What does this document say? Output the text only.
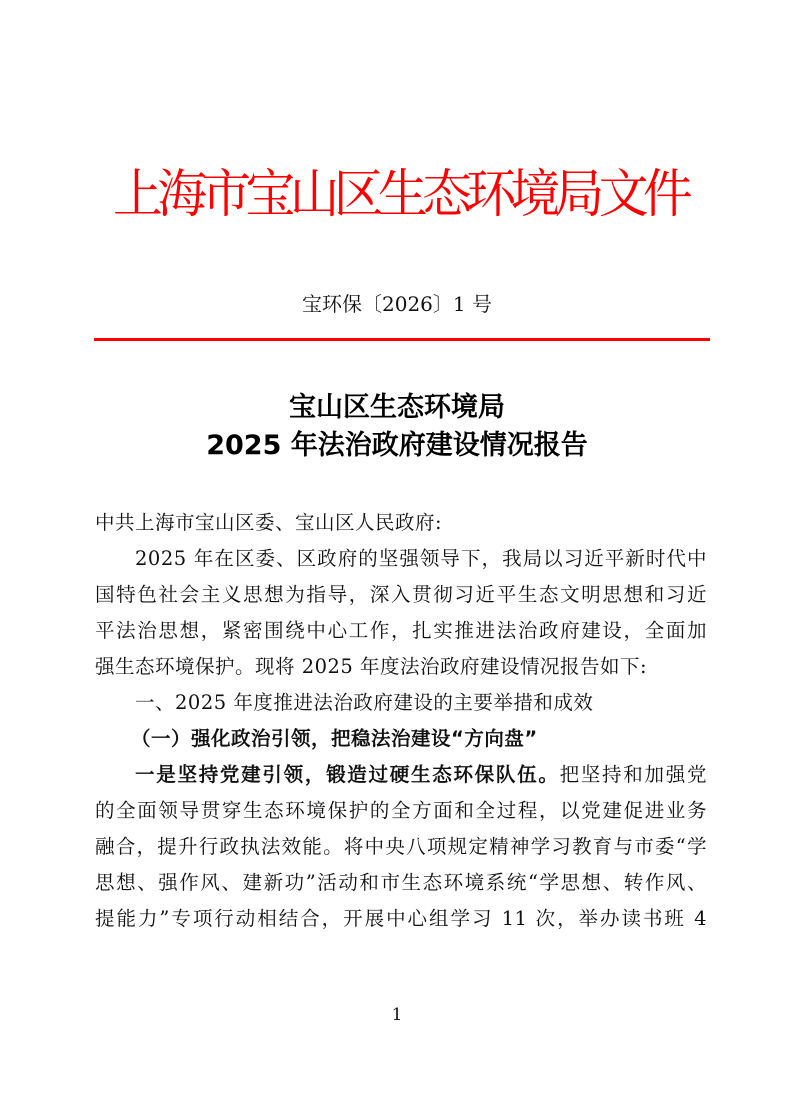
上海市宝山区生态环境局文件
宝环保〔2026〕1 号
宝山区生态环境局
2025 年法治政府建设情况报告
中共上海市宝山区委、宝山区人民政府:
2025 年在区委、区政府的坚强领导下，我局以习近平新时代中
国特色社会主义思想为指导，深入贯彻习近平生态文明思想和习近
平法治思想，紧密围绕中心工作，扎实推进法治政府建设，全面加
强生态环境保护。现将 2025 年度法治政府建设情况报告如下:
一、2025 年度推进法治政府建设的主要举措和成效
（一）强化政治引领，把稳法治建设“方向盘”
一是坚持党建引领，锻造过硬生态环保队伍。把坚持和加强党
的全面领导贯穿生态环境保护的全方面和全过程，以党建促进业务
融合，提升行政执法效能。将中央八项规定精神学习教育与市委“学
思想、强作风、建新功”活动和市生态环境系统“学思想、转作风、
提能力”专项行动相结合，开展中心组学习 11 次，举办读书班 4
1
